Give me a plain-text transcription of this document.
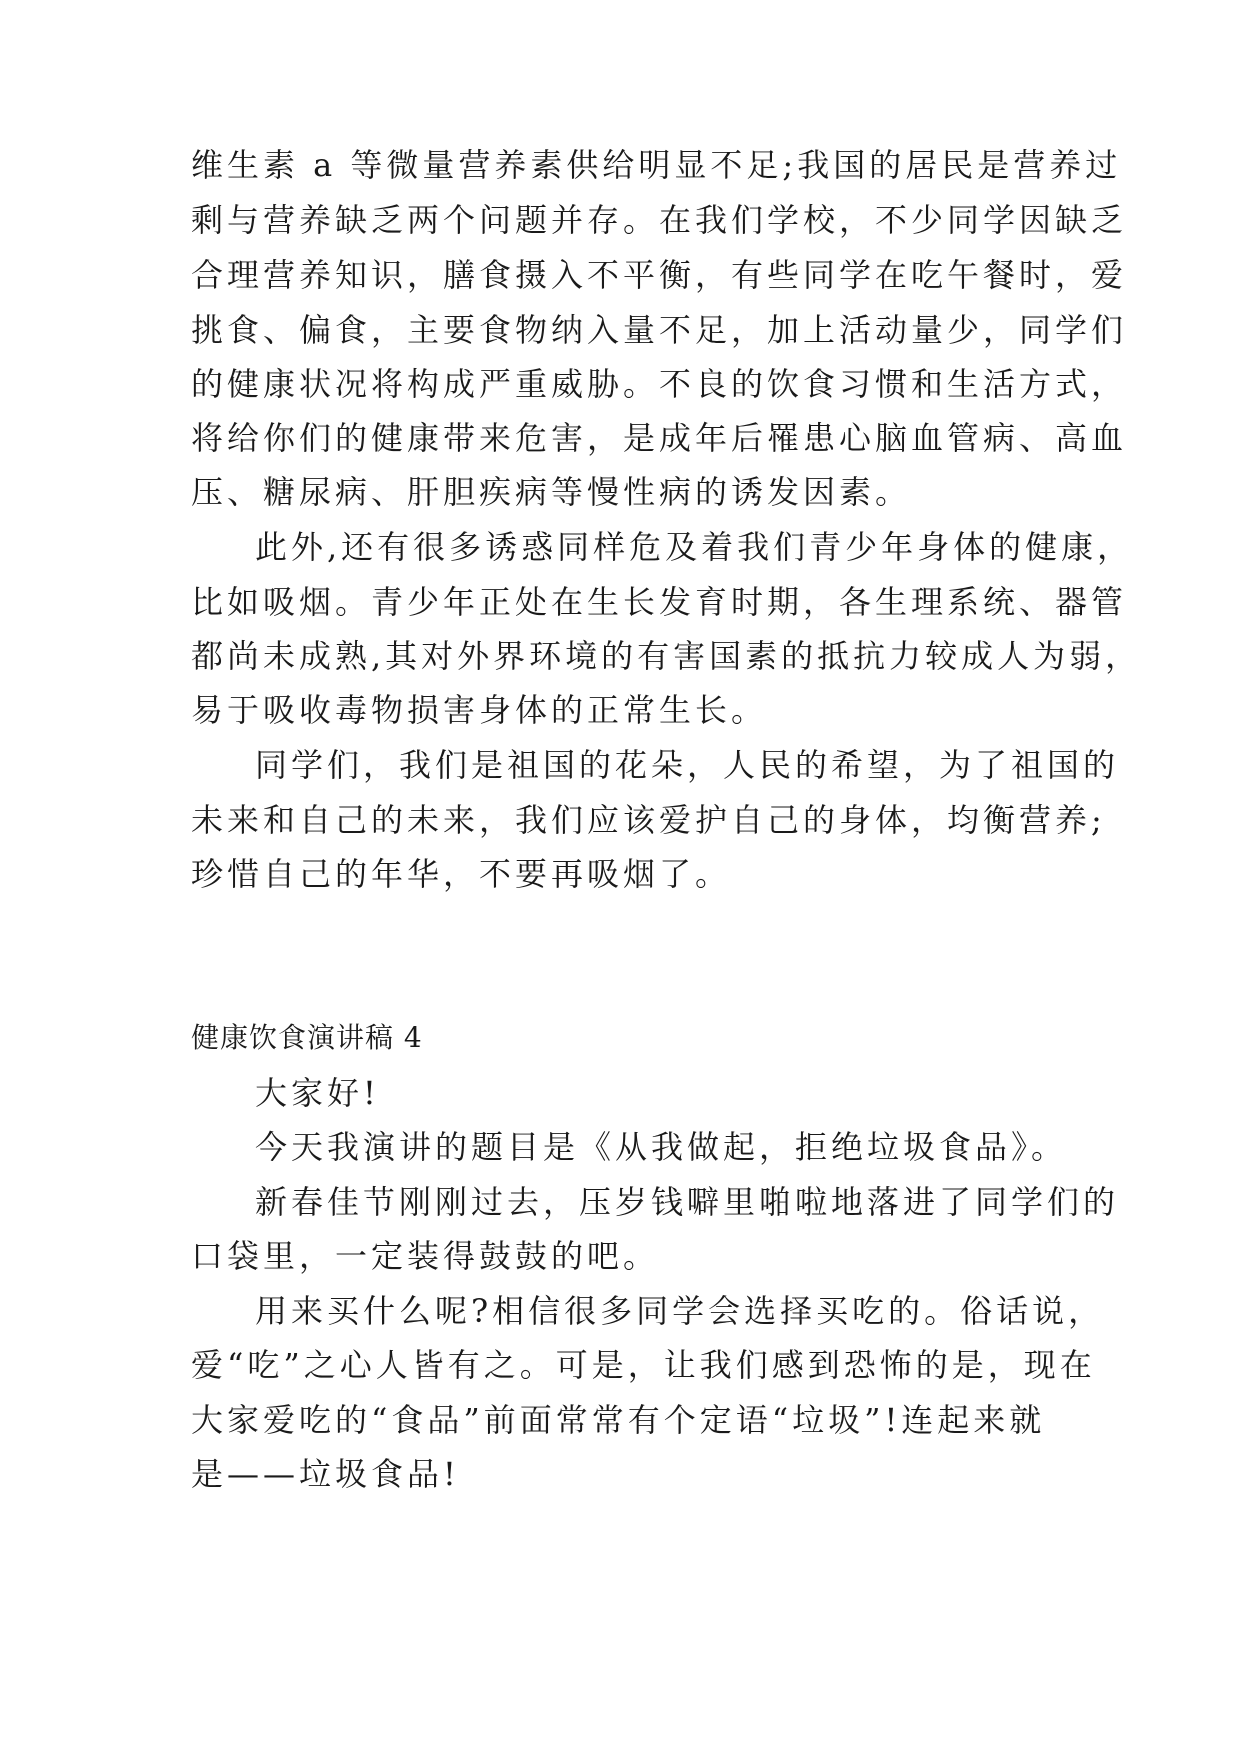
维生素 a 等微量营养素供给明显不足;我国的居民是营养过
剩与营养缺乏两个问题并存。在我们学校，不少同学因缺乏
合理营养知识，膳食摄入不平衡，有些同学在吃午餐时，爱
挑食、偏食，主要食物纳入量不足，加上活动量少，同学们
的健康状况将构成严重威胁。不良的饮食习惯和生活方式，
将给你们的健康带来危害，是成年后罹患心脑血管病、高血
压、糖尿病、肝胆疾病等慢性病的诱发因素。
此外,还有很多诱惑同样危及着我们青少年身体的健康，
比如吸烟。青少年正处在生长发育时期，各生理系统、器管
都尚未成熟,其对外界环境的有害国素的抵抗力较成人为弱，
易于吸收毒物损害身体的正常生长。
同学们，我们是祖国的花朵，人民的希望，为了祖国的
未来和自己的未来，我们应该爱护自己的身体，均衡营养;
珍惜自己的年华，不要再吸烟了。
健康饮食演讲稿 4
大家好!
今天我演讲的题目是《从我做起，拒绝垃圾食品》。
新春佳节刚刚过去，压岁钱噼里啪啦地落进了同学们的
口袋里，一定装得鼓鼓的吧。
用来买什么呢?相信很多同学会选择买吃的。俗话说，
爱“吃”之心人皆有之。可是，让我们感到恐怖的是，现在
大家爱吃的“食品”前面常常有个定语“垃圾”!连起来就
是——垃圾食品!
